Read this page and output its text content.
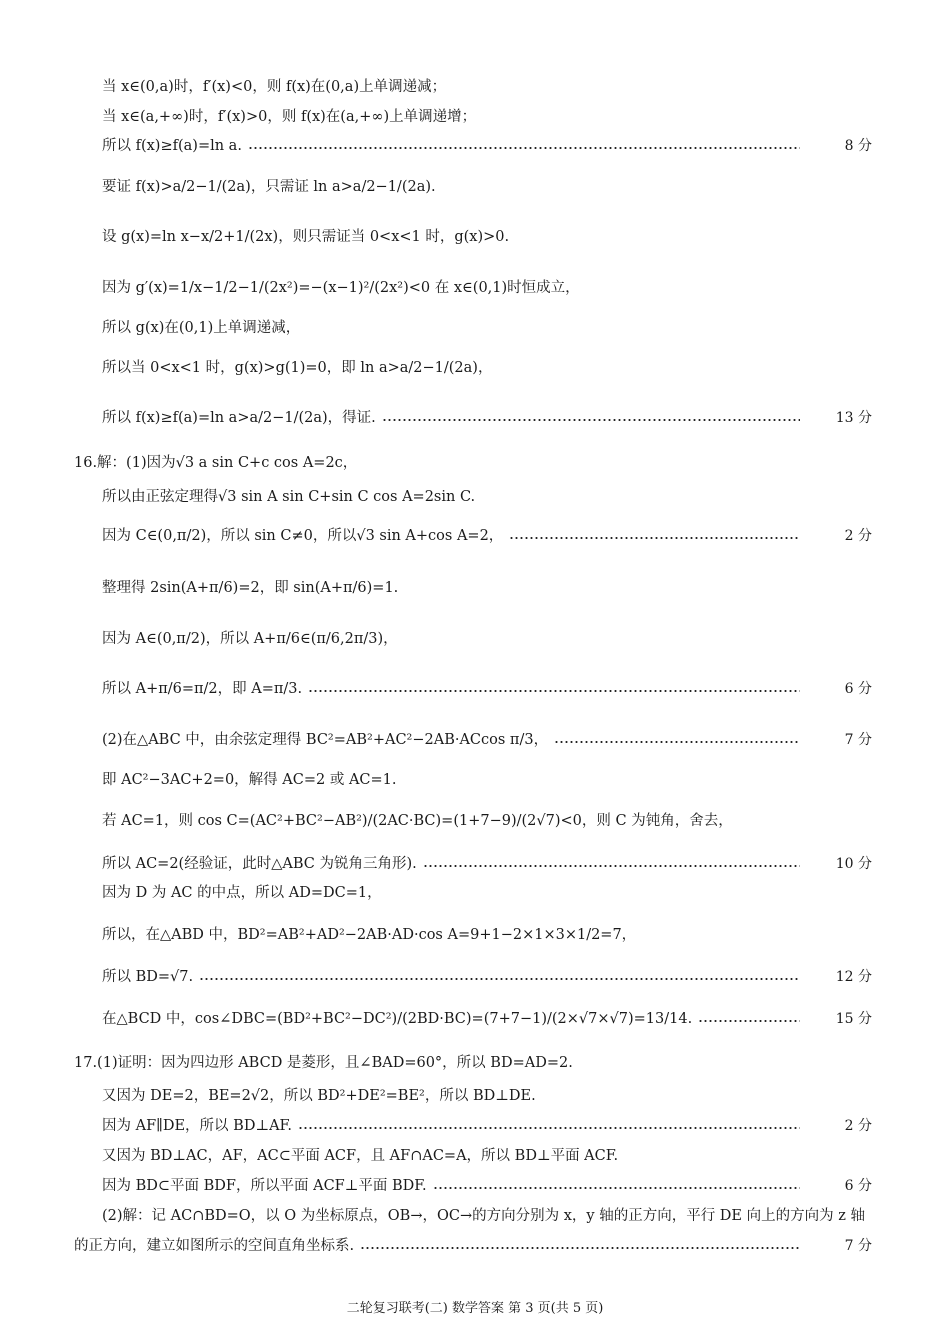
当 x∈(0,a)时，f′(x)<0，则 f(x)在(0,a)上单调递减；
当 x∈(a,+∞)时，f′(x)>0，则 f(x)在(a,+∞)上单调递增；
所以 f(x)≥f(a)=ln a.	8 分
要证 f(x)>a/2−1/(2a)，只需证 ln a>a/2−1/(2a).
设 g(x)=ln x−x/2+1/(2x)，则只需证当 0<x<1 时，g(x)>0.
因为 g′(x)=1/x−1/2−1/(2x²)=−(x−1)²/(2x²)<0 在 x∈(0,1)时恒成立，
所以 g(x)在(0,1)上单调递减，
所以当 0<x<1 时，g(x)>g(1)=0，即 ln a>a/2−1/(2a)，
所以 f(x)≥f(a)=ln a>a/2−1/(2a)，得证.	13 分
16.解：(1)因为√3 a sin C+c cos A=2c，
所以由正弦定理得√3 sin A sin C+sin C cos A=2sin C.
因为 C∈(0,π/2)，所以 sin C≠0，所以√3 sin A+cos A=2，	2 分
整理得 2sin(A+π/6)=2，即 sin(A+π/6)=1.
因为 A∈(0,π/2)，所以 A+π/6∈(π/6,2π/3)，
所以 A+π/6=π/2，即 A=π/3.	6 分
(2)在△ABC 中，由余弦定理得 BC²=AB²+AC²−2AB·ACcos π/3，	7 分
即 AC²−3AC+2=0，解得 AC=2 或 AC=1.
若 AC=1，则 cos C=(AC²+BC²−AB²)/(2AC·BC)=(1+7−9)/(2√7)<0，则 C 为钝角，舍去，
所以 AC=2(经验证，此时△ABC 为锐角三角形).	10 分
因为 D 为 AC 的中点，所以 AD=DC=1，
所以，在△ABD 中，BD²=AB²+AD²−2AB·AD·cos A=9+1−2×1×3×1/2=7，
所以 BD=√7.	12 分
在△BCD 中，cos∠DBC=(BD²+BC²−DC²)/(2BD·BC)=(7+7−1)/(2×√7×√7)=13/14.	15 分
17.(1)证明：因为四边形 ABCD 是菱形，且∠BAD=60°，所以 BD=AD=2.
又因为 DE=2，BE=2√2，所以 BD²+DE²=BE²，所以 BD⊥DE.
因为 AF∥DE，所以 BD⊥AF.	2 分
又因为 BD⊥AC，AF，AC⊂平面 ACF，且 AF∩AC=A，所以 BD⊥平面 ACF.
因为 BD⊂平面 BDF，所以平面 ACF⊥平面 BDF.	6 分
(2)解：记 AC∩BD=O，以 O 为坐标原点，OB→，OC→的方向分别为 x，y 轴的正方向，平行 DE 向上的方向为 z 轴
的正方向，建立如图所示的空间直角坐标系.	7 分
二轮复习联考(二) 数学答案 第 3 页(共 5 页)
